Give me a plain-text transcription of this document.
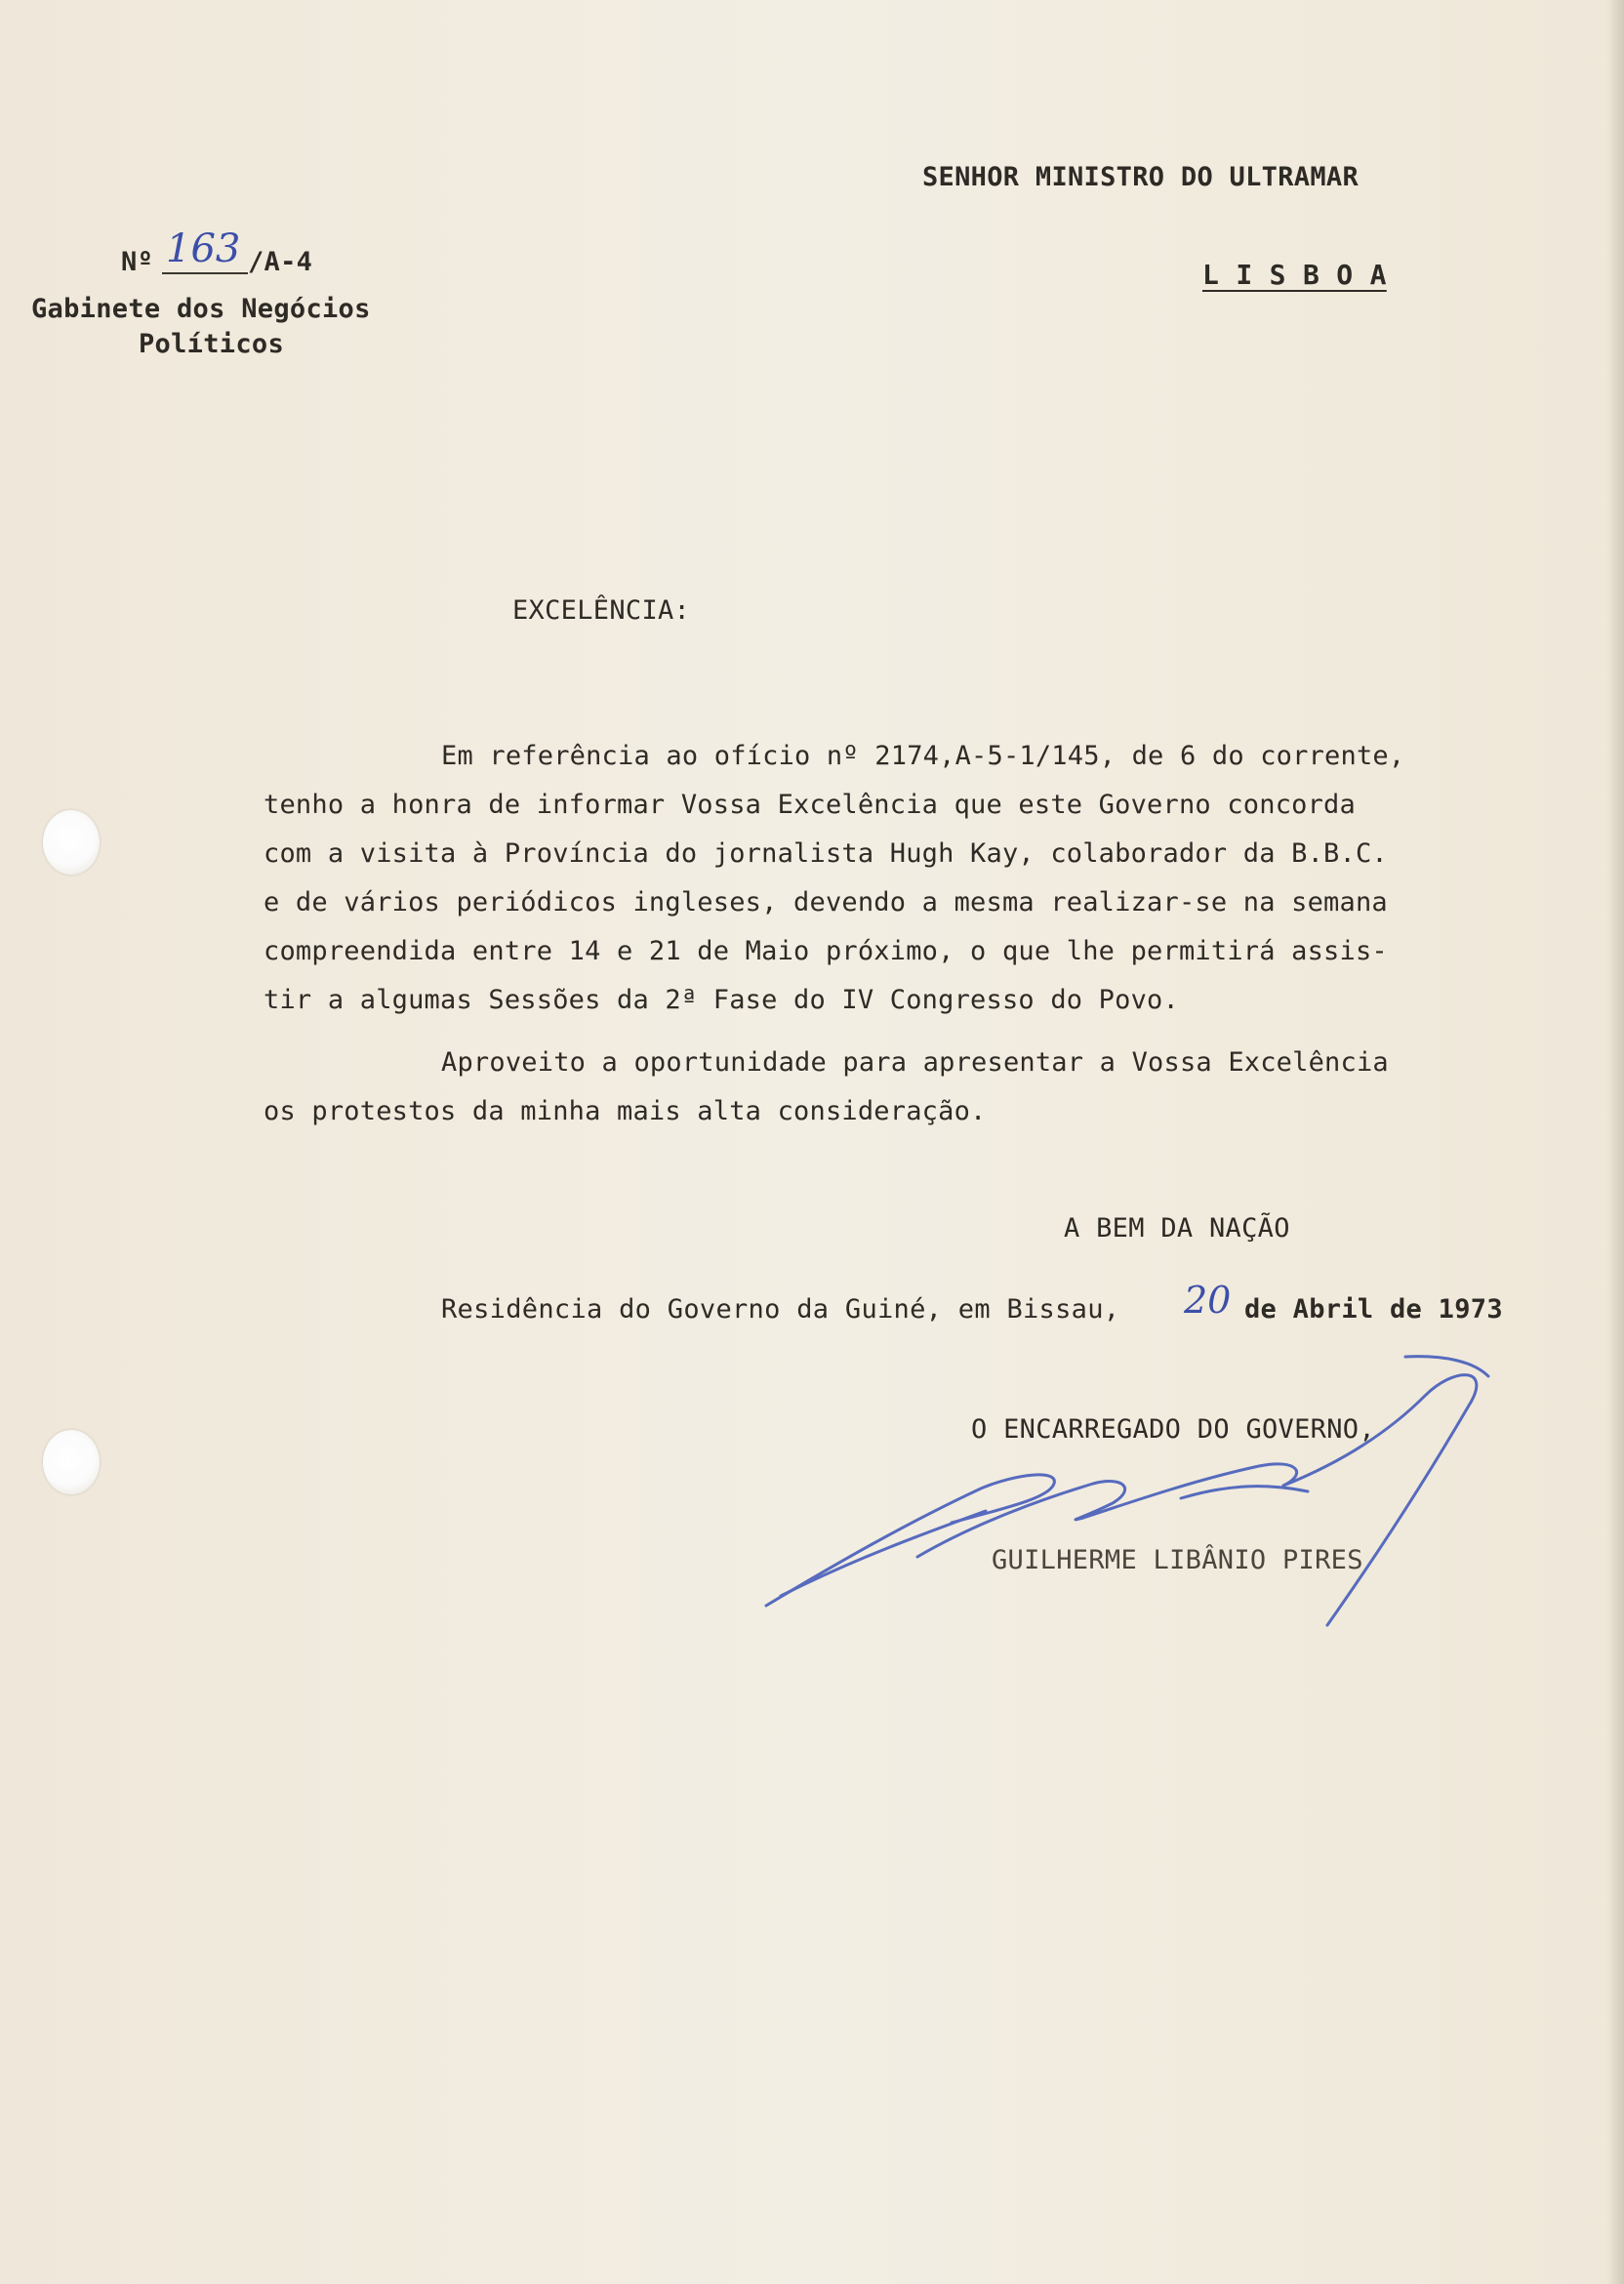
SENHOR MINISTRO DO ULTRAMAR
L I S B O A
Nº 163 /A-4
Gabinete dos Negócios
Políticos
EXCELÊNCIA:
Em referência ao ofício nº 2174,A-5-1/145, de 6 do corrente,
tenho a honra de informar Vossa Excelência que este Governo concorda
com a visita à Província do jornalista Hugh Kay, colaborador da B.B.C.
e de vários periódicos ingleses, devendo a mesma realizar-se na semana
compreendida entre 14 e 21 de Maio próximo, o que lhe permitirá assis-
tir a algumas Sessões da 2ª Fase do IV Congresso do Povo.
Aproveito a oportunidade para apresentar a Vossa Excelência
os protestos da minha mais alta consideração.
A BEM DA NAÇÃO
Residência do Governo da Guiné, em Bissau, 20 de Abril de 1973
O ENCARREGADO DO GOVERNO,
GUILHERME LIBÂNIO PIRES
